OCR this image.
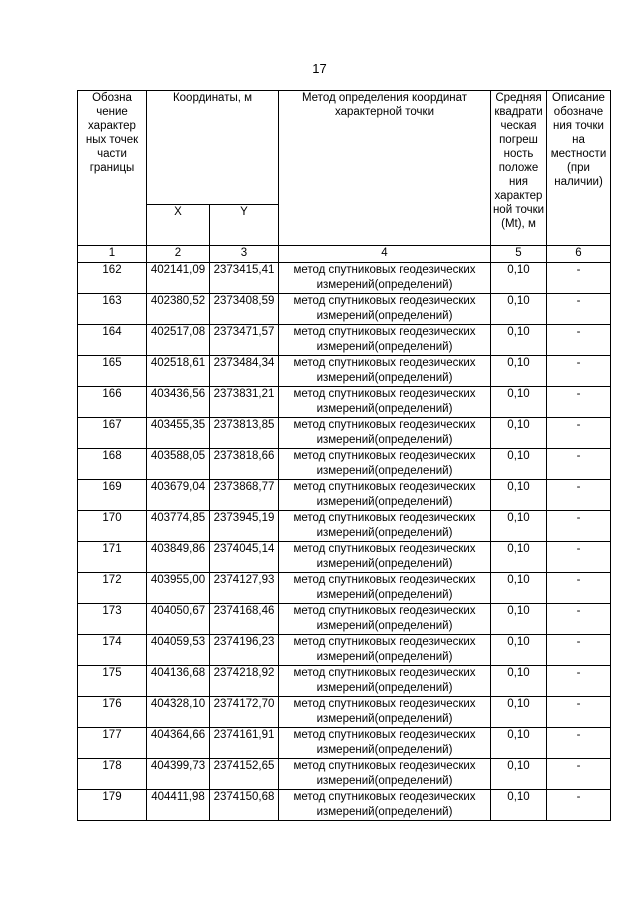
17
Обозна чение характер ных точек части границы	Координаты, м		Метод определения координат характерной точки	Средняя квадрати ческая погреш ность положе ния характер ной точки (Mt), м	Описание обозначе ния точки на местности (при наличии)
	X	Y			
1	2	3	4	5	6
162	402141,09	2373415,41	метод спутниковых геодезических измерений(определений)	0,10	-
163	402380,52	2373408,59	метод спутниковых геодезических измерений(определений)	0,10	-
164	402517,08	2373471,57	метод спутниковых геодезических измерений(определений)	0,10	-
165	402518,61	2373484,34	метод спутниковых геодезических измерений(определений)	0,10	-
166	403436,56	2373831,21	метод спутниковых геодезических измерений(определений)	0,10	-
167	403455,35	2373813,85	метод спутниковых геодезических измерений(определений)	0,10	-
168	403588,05	2373818,66	метод спутниковых геодезических измерений(определений)	0,10	-
169	403679,04	2373868,77	метод спутниковых геодезических измерений(определений)	0,10	-
170	403774,85	2373945,19	метод спутниковых геодезических измерений(определений)	0,10	-
171	403849,86	2374045,14	метод спутниковых геодезических измерений(определений)	0,10	-
172	403955,00	2374127,93	метод спутниковых геодезических измерений(определений)	0,10	-
173	404050,67	2374168,46	метод спутниковых геодезических измерений(определений)	0,10	-
174	404059,53	2374196,23	метод спутниковых геодезических измерений(определений)	0,10	-
175	404136,68	2374218,92	метод спутниковых геодезических измерений(определений)	0,10	-
176	404328,10	2374172,70	метод спутниковых геодезических измерений(определений)	0,10	-
177	404364,66	2374161,91	метод спутниковых геодезических измерений(определений)	0,10	-
178	404399,73	2374152,65	метод спутниковых геодезических измерений(определений)	0,10	-
179	404411,98	2374150,68	метод спутниковых геодезических измерений(определений)	0,10	-
